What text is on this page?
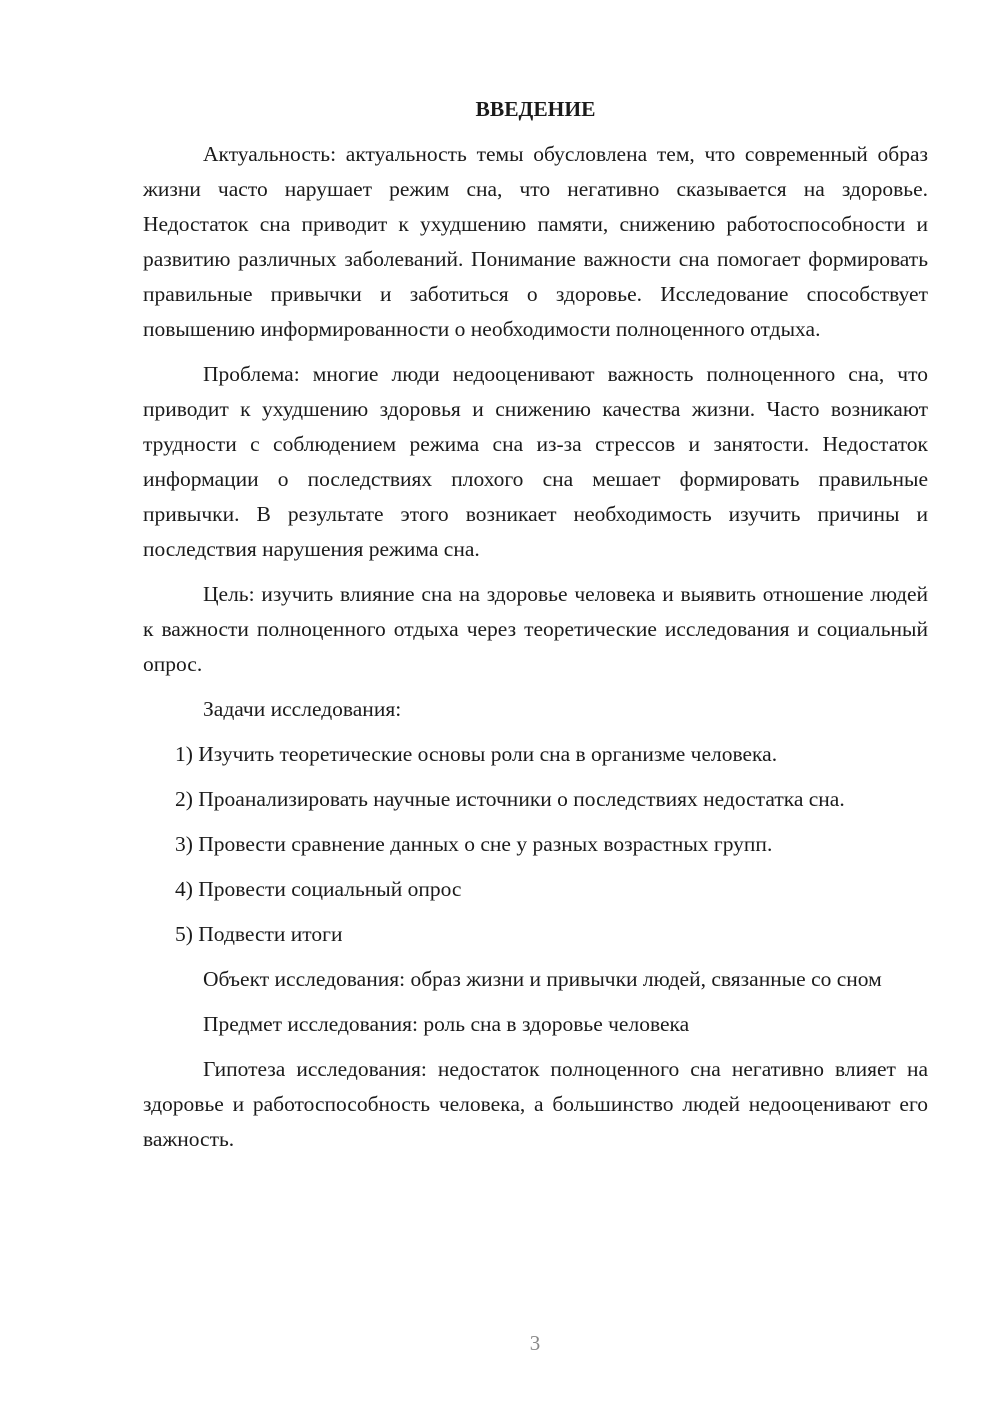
ВВЕДЕНИЕ

Актуальность: актуальность темы обусловлена тем, что современный образ жизни часто нарушает режим сна, что негативно сказывается на здоровье. Недостаток сна приводит к ухудшению памяти, снижению работоспособности и развитию различных заболеваний. Понимание важности сна помогает формировать правильные привычки и заботиться о здоровье. Исследование способствует повышению информированности о необходимости полноценного отдыха.

Проблема: многие люди недооценивают важность полноценного сна, что приводит к ухудшению здоровья и снижению качества жизни. Часто возникают трудности с соблюдением режима сна из-за стрессов и занятости. Недостаток информации о последствиях плохого сна мешает формировать правильные привычки. В результате этого возникает необходимость изучить причины и последствия нарушения режима сна.

Цель: изучить влияние сна на здоровье человека и выявить отношение людей к важности полноценного отдыха через теоретические исследования и социальный опрос.

Задачи исследования:

1) Изучить теоретические основы роли сна в организме человека.

2) Проанализировать научные источники о последствиях недостатка сна.

3) Провести сравнение данных о сне у разных возрастных групп.

4) Провести социальный опрос

5) Подвести итоги

Объект исследования: образ жизни и привычки людей, связанные со сном

Предмет исследования: роль сна в здоровье человека

Гипотеза исследования: недостаток полноценного сна негативно влияет на здоровье и работоспособность человека, а большинство людей недооценивают его важность.

3
